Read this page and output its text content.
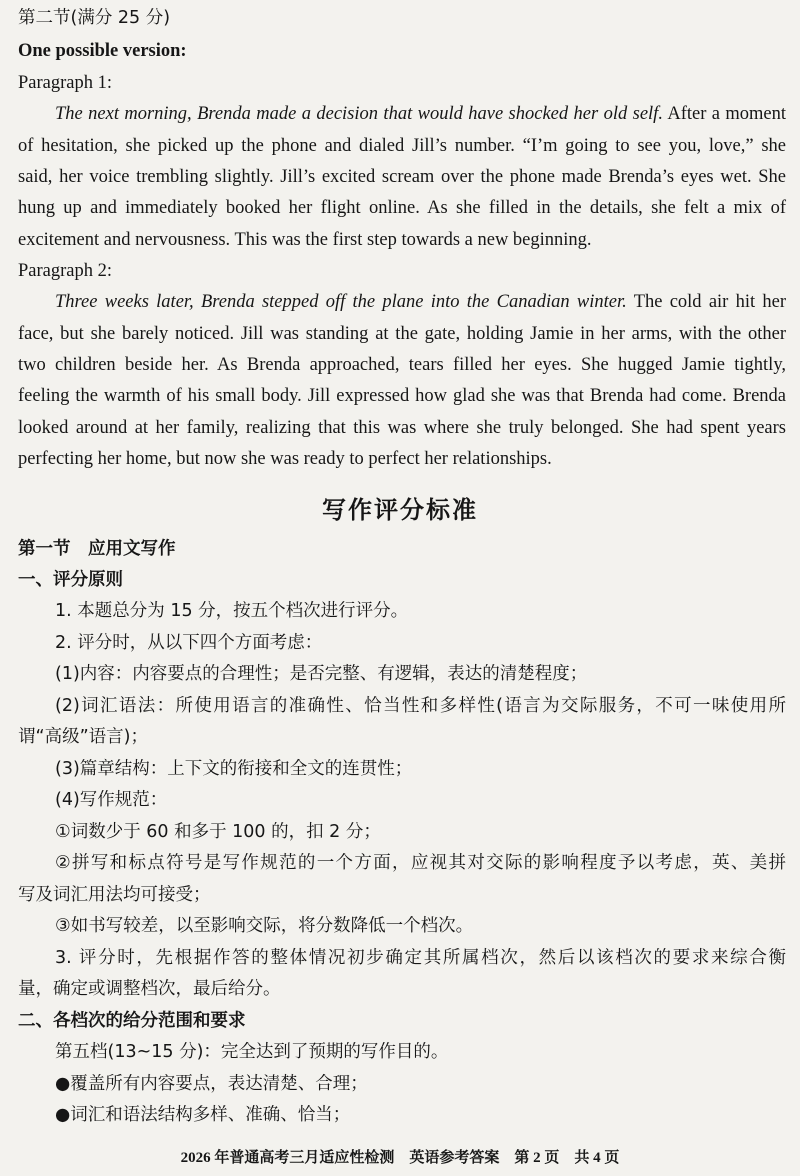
第二节(满分 25 分)
One possible version:
Paragraph 1:
The next morning, Brenda made a decision that would have shocked her old self. After a moment
of hesitation, she picked up the phone and dialed Jill’s number. “I’m going to see you, love,” she
said, her voice trembling slightly. Jill’s excited scream over the phone made Brenda’s eyes wet. She
hung up and immediately booked her flight online. As she filled in the details, she felt a mix of
excitement and nervousness. This was the first step towards a new beginning.
Paragraph 2:
Three weeks later, Brenda stepped off the plane into the Canadian winter. The cold air hit her
face, but she barely noticed. Jill was standing at the gate, holding Jamie in her arms, with the other
two children beside her. As Brenda approached, tears filled her eyes. She hugged Jamie tightly,
feeling the warmth of his small body. Jill expressed how glad she was that Brenda had come. Brenda
looked around at her family, realizing that this was where she truly belonged. She had spent years
perfecting her home, but now she was ready to perfect her relationships.
写作评分标准
第一节　应用文写作
一、评分原则
1. 本题总分为 15 分，按五个档次进行评分。
2. 评分时，从以下四个方面考虑：
(1)内容：内容要点的合理性；是否完整、有逻辑，表达的清楚程度；
(2)词汇语法：所使用语言的准确性、恰当性和多样性(语言为交际服务，不可一味使用所
谓“高级”语言)；
(3)篇章结构：上下文的衔接和全文的连贯性；
(4)写作规范：
①词数少于 60 和多于 100 的，扣 2 分；
②拼写和标点符号是写作规范的一个方面，应视其对交际的影响程度予以考虑，英、美拼
写及词汇用法均可接受；
③如书写较差，以至影响交际，将分数降低一个档次。
3. 评分时，先根据作答的整体情况初步确定其所属档次，然后以该档次的要求来综合衡
量，确定或调整档次，最后给分。
二、各档次的给分范围和要求
第五档(13~15 分)：完全达到了预期的写作目的。
●覆盖所有内容要点，表达清楚、合理；
●词汇和语法结构多样、准确、恰当；
2026 年普通高考三月适应性检测　英语参考答案　第 2 页　共 4 页
